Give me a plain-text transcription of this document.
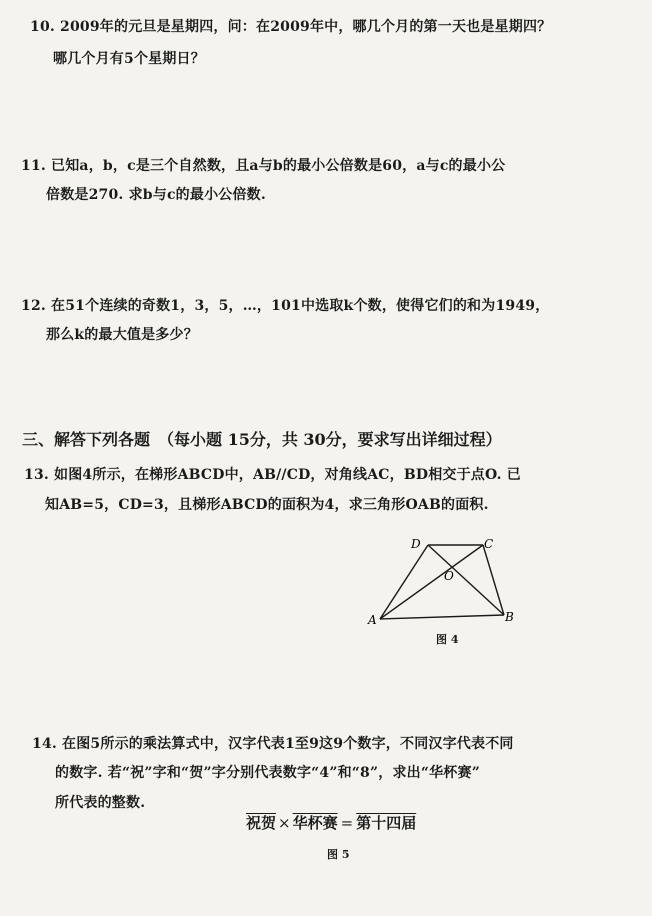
10. 2009年的元旦是星期四，问：在2009年中，哪几个月的第一天也是星期四？
哪几个月有5个星期日？
11. 已知a，b，c是三个自然数，且a与b的最小公倍数是60，a与c的最小公
倍数是270. 求b与c的最小公倍数.
12. 在51个连续的奇数1，3，5，…，101中选取k个数，使得它们的和为1949，
那么k的最大值是多少？
三、解答下列各题　（每小题 15分，共 30分，要求写出详细过程）
13. 如图4所示，在梯形ABCD中，AB//CD，对角线AC，BD相交于点O. 已
知AB=5，CD=3，且梯形ABCD的面积为4，求三角形OAB的面积.
D	C
O
A	B
图 4
14. 在图5所示的乘法算式中，汉字代表1至9这9个数字，不同汉字代表不同
的数字. 若“祝”字和“贺”字分别代表数字“4”和“8”，求出“华杯赛”
所代表的整数.
祝贺 × 华杯赛 = 第十四届
图 5
